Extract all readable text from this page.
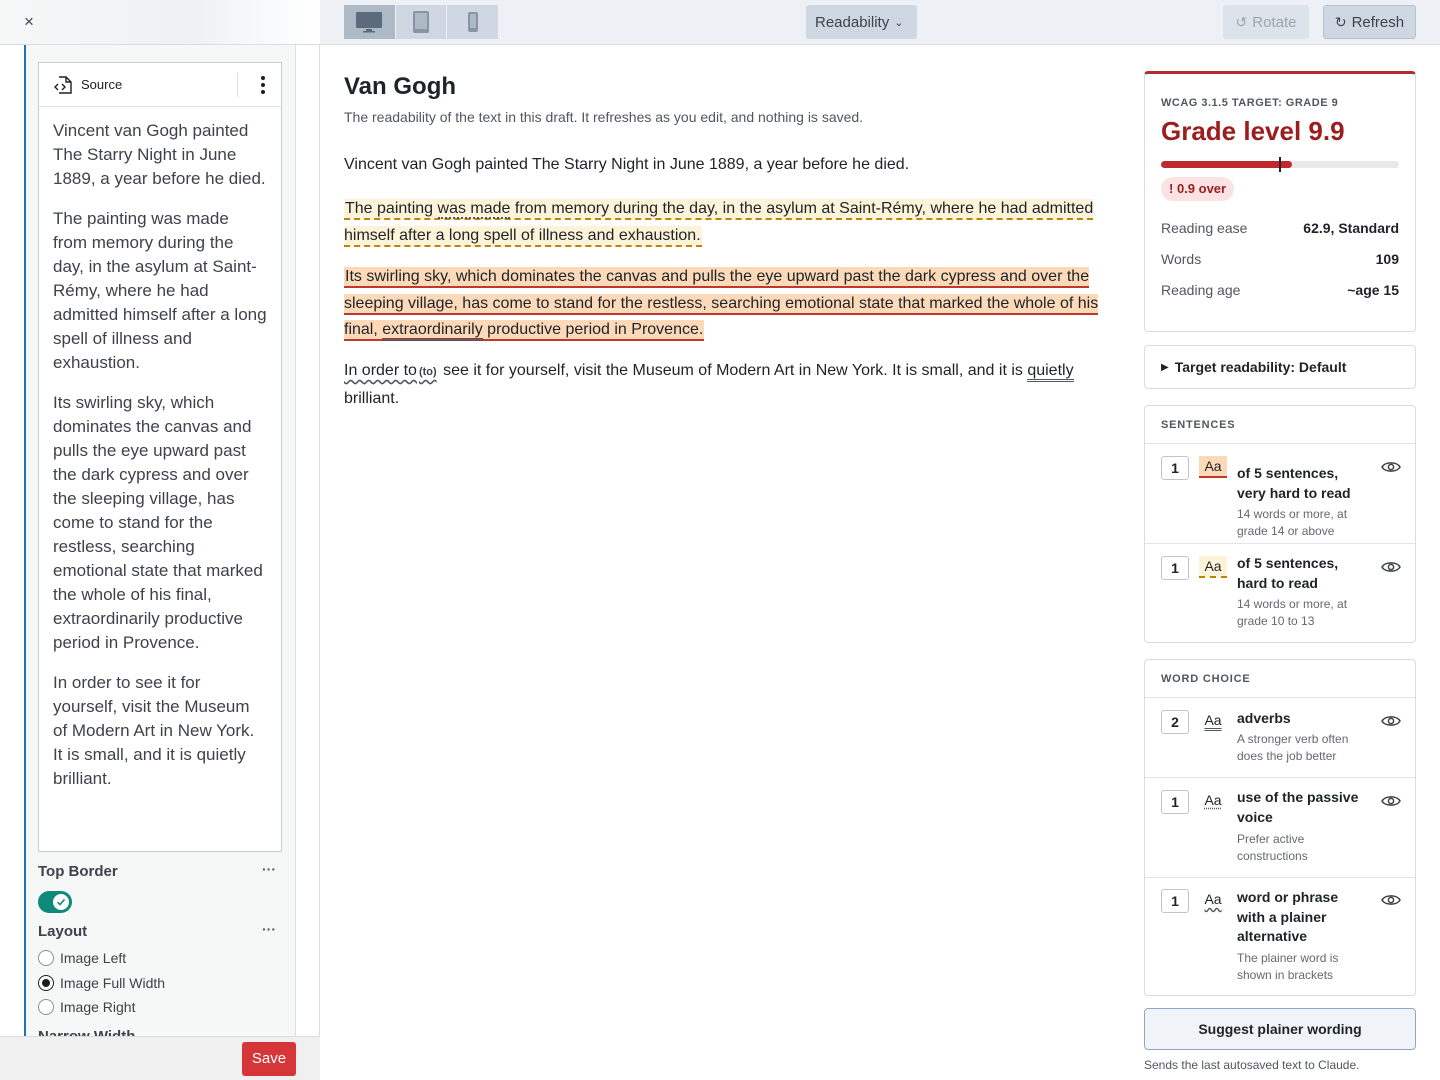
×
Source

Vincent van Gogh painted The Starry Night in June 1889, a year before he died.

The painting was made from memory during the day, in the asylum at Saint-Rémy, where he had admitted himself after a long spell of illness and exhaustion.

Its swirling sky, which dominates the canvas and pulls the eye upward past the dark cypress and over the sleeping village, has come to stand for the restless, searching emotional state that marked the whole of his final, extraordinarily productive period in Provence.

In order to see it for yourself, visit the Museum of Modern Art in New York. It is small, and it is quietly brilliant.

Top Border	···
Layout	···
Image Left
Image Full Width
Image Right
Save
Readability ⌄	↺ Rotate	↻ Refresh
Van Gogh
The readability of the text in this draft. It refreshes as you edit, and nothing is saved.
Vincent van Gogh painted The Starry Night in June 1889, a year before he died.
The painting was made from memory during the day, in the asylum at Saint-Rémy, where he had admitted himself after a long spell of illness and exhaustion.
Its swirling sky, which dominates the canvas and pulls the eye upward past the dark cypress and over the sleeping village, has come to stand for the restless, searching emotional state that marked the whole of his final, extraordinarily productive period in Provence.
In order to (to) see it for yourself, visit the Museum of Modern Art in New York. It is small, and it is quietly brilliant.
WCAG 3.1.5 TARGET: GRADE 9
Grade level 9.9
! 0.9 over
Reading ease	62.9, Standard
Words	109
Reading age	~age 15
▶ Target readability: Default
SENTENCES
1	Aa	of 5 sentences, very hard to read
14 words or more, at grade 14 or above
1	Aa	of 5 sentences, hard to read
14 words or more, at grade 10 to 13
WORD CHOICE
2	Aa	adverbs
A stronger verb often does the job better
1	Aa	use of the passive voice
Prefer active constructions
1	Aa	word or phrase with a plainer alternative
The plainer word is shown in brackets
Suggest plainer wording
Sends the last autosaved text to Claude.
